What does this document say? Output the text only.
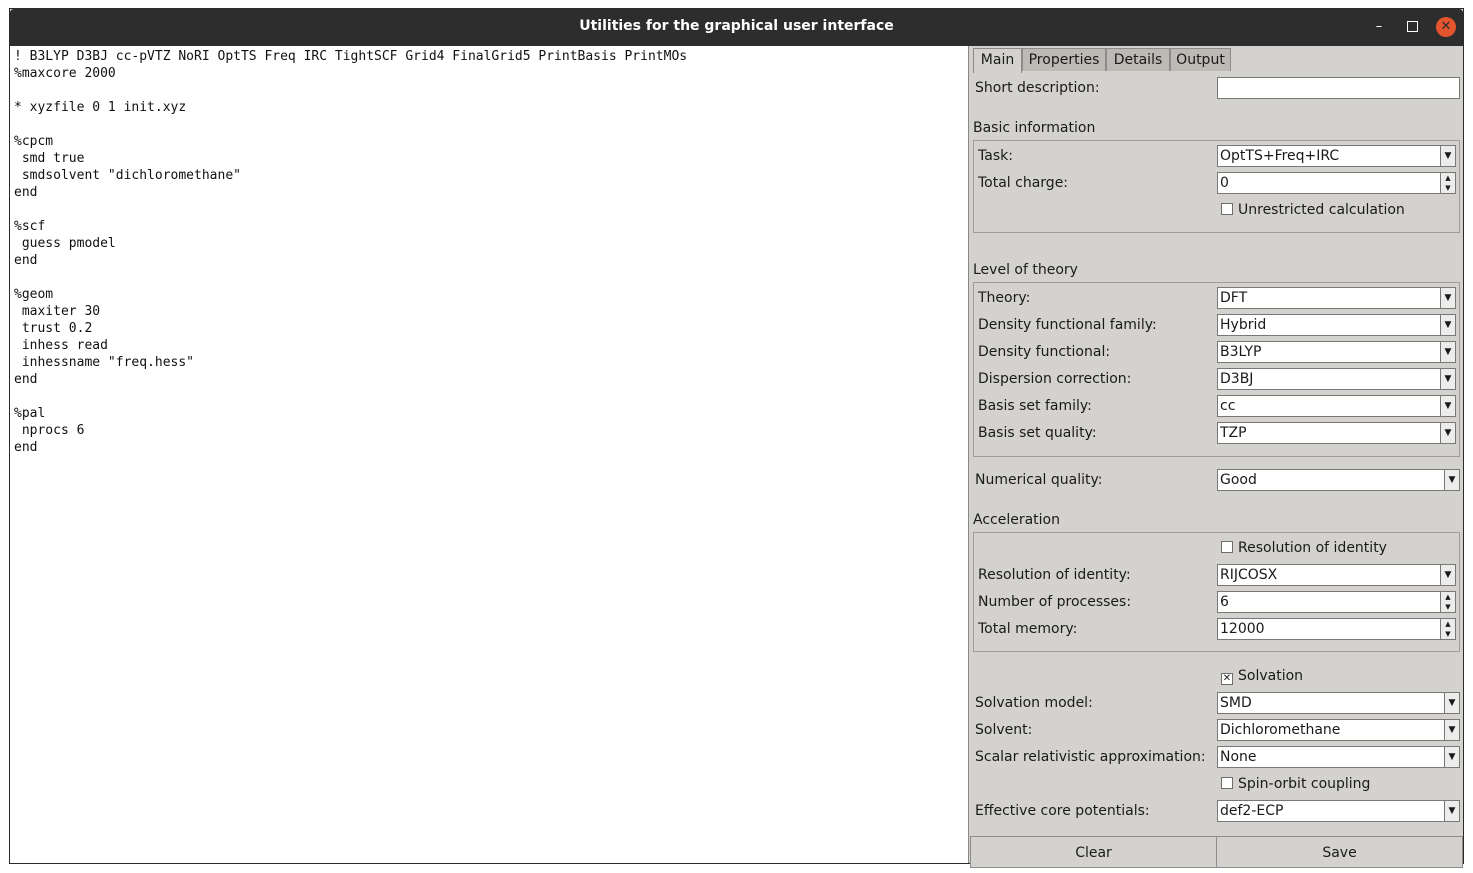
Utilities for the graphical user interface	–	✕
! B3LYP D3BJ cc-pVTZ NoRI OptTS Freq IRC TightSCF Grid4 FinalGrid5 PrintBasis PrintMOs
%maxcore 2000

* xyzfile 0 1 init.xyz

%cpcm
smd true
smdsolvent "dichloromethane"
end

%scf
guess pmodel
end

%geom
maxiter 30
trust 0.2
inhess read
inhessname "freq.hess"
end

%pal
nprocs 6
end
Main	Properties	Details Output
Short description:
Basic information
Task:	OptTS+Freq+IRC	▼
Total charge:	0	▲
▼
Unrestricted calculation
Level of theory
Theory:	DFT	▼
Density functional family:	Hybrid	▼
Density functional:	B3LYP	▼
Dispersion correction:	D3BJ	▼
Basis set family:	cc	▼
Basis set quality:	TZP	▼
Numerical quality:	Good	▼
Acceleration
Resolution of identity
Resolution of identity:	RIJCOSX	▼
Number of processes:	6	▲
▼
Total memory:	12000	▲
▼
✕ Solvation
Solvation model:	SMD	▼
Solvent:	Dichloromethane	▼
Scalar relativistic approximation: None	▼
Spin-orbit coupling
Effective core potentials:	def2-ECP	▼
Clear	Save
